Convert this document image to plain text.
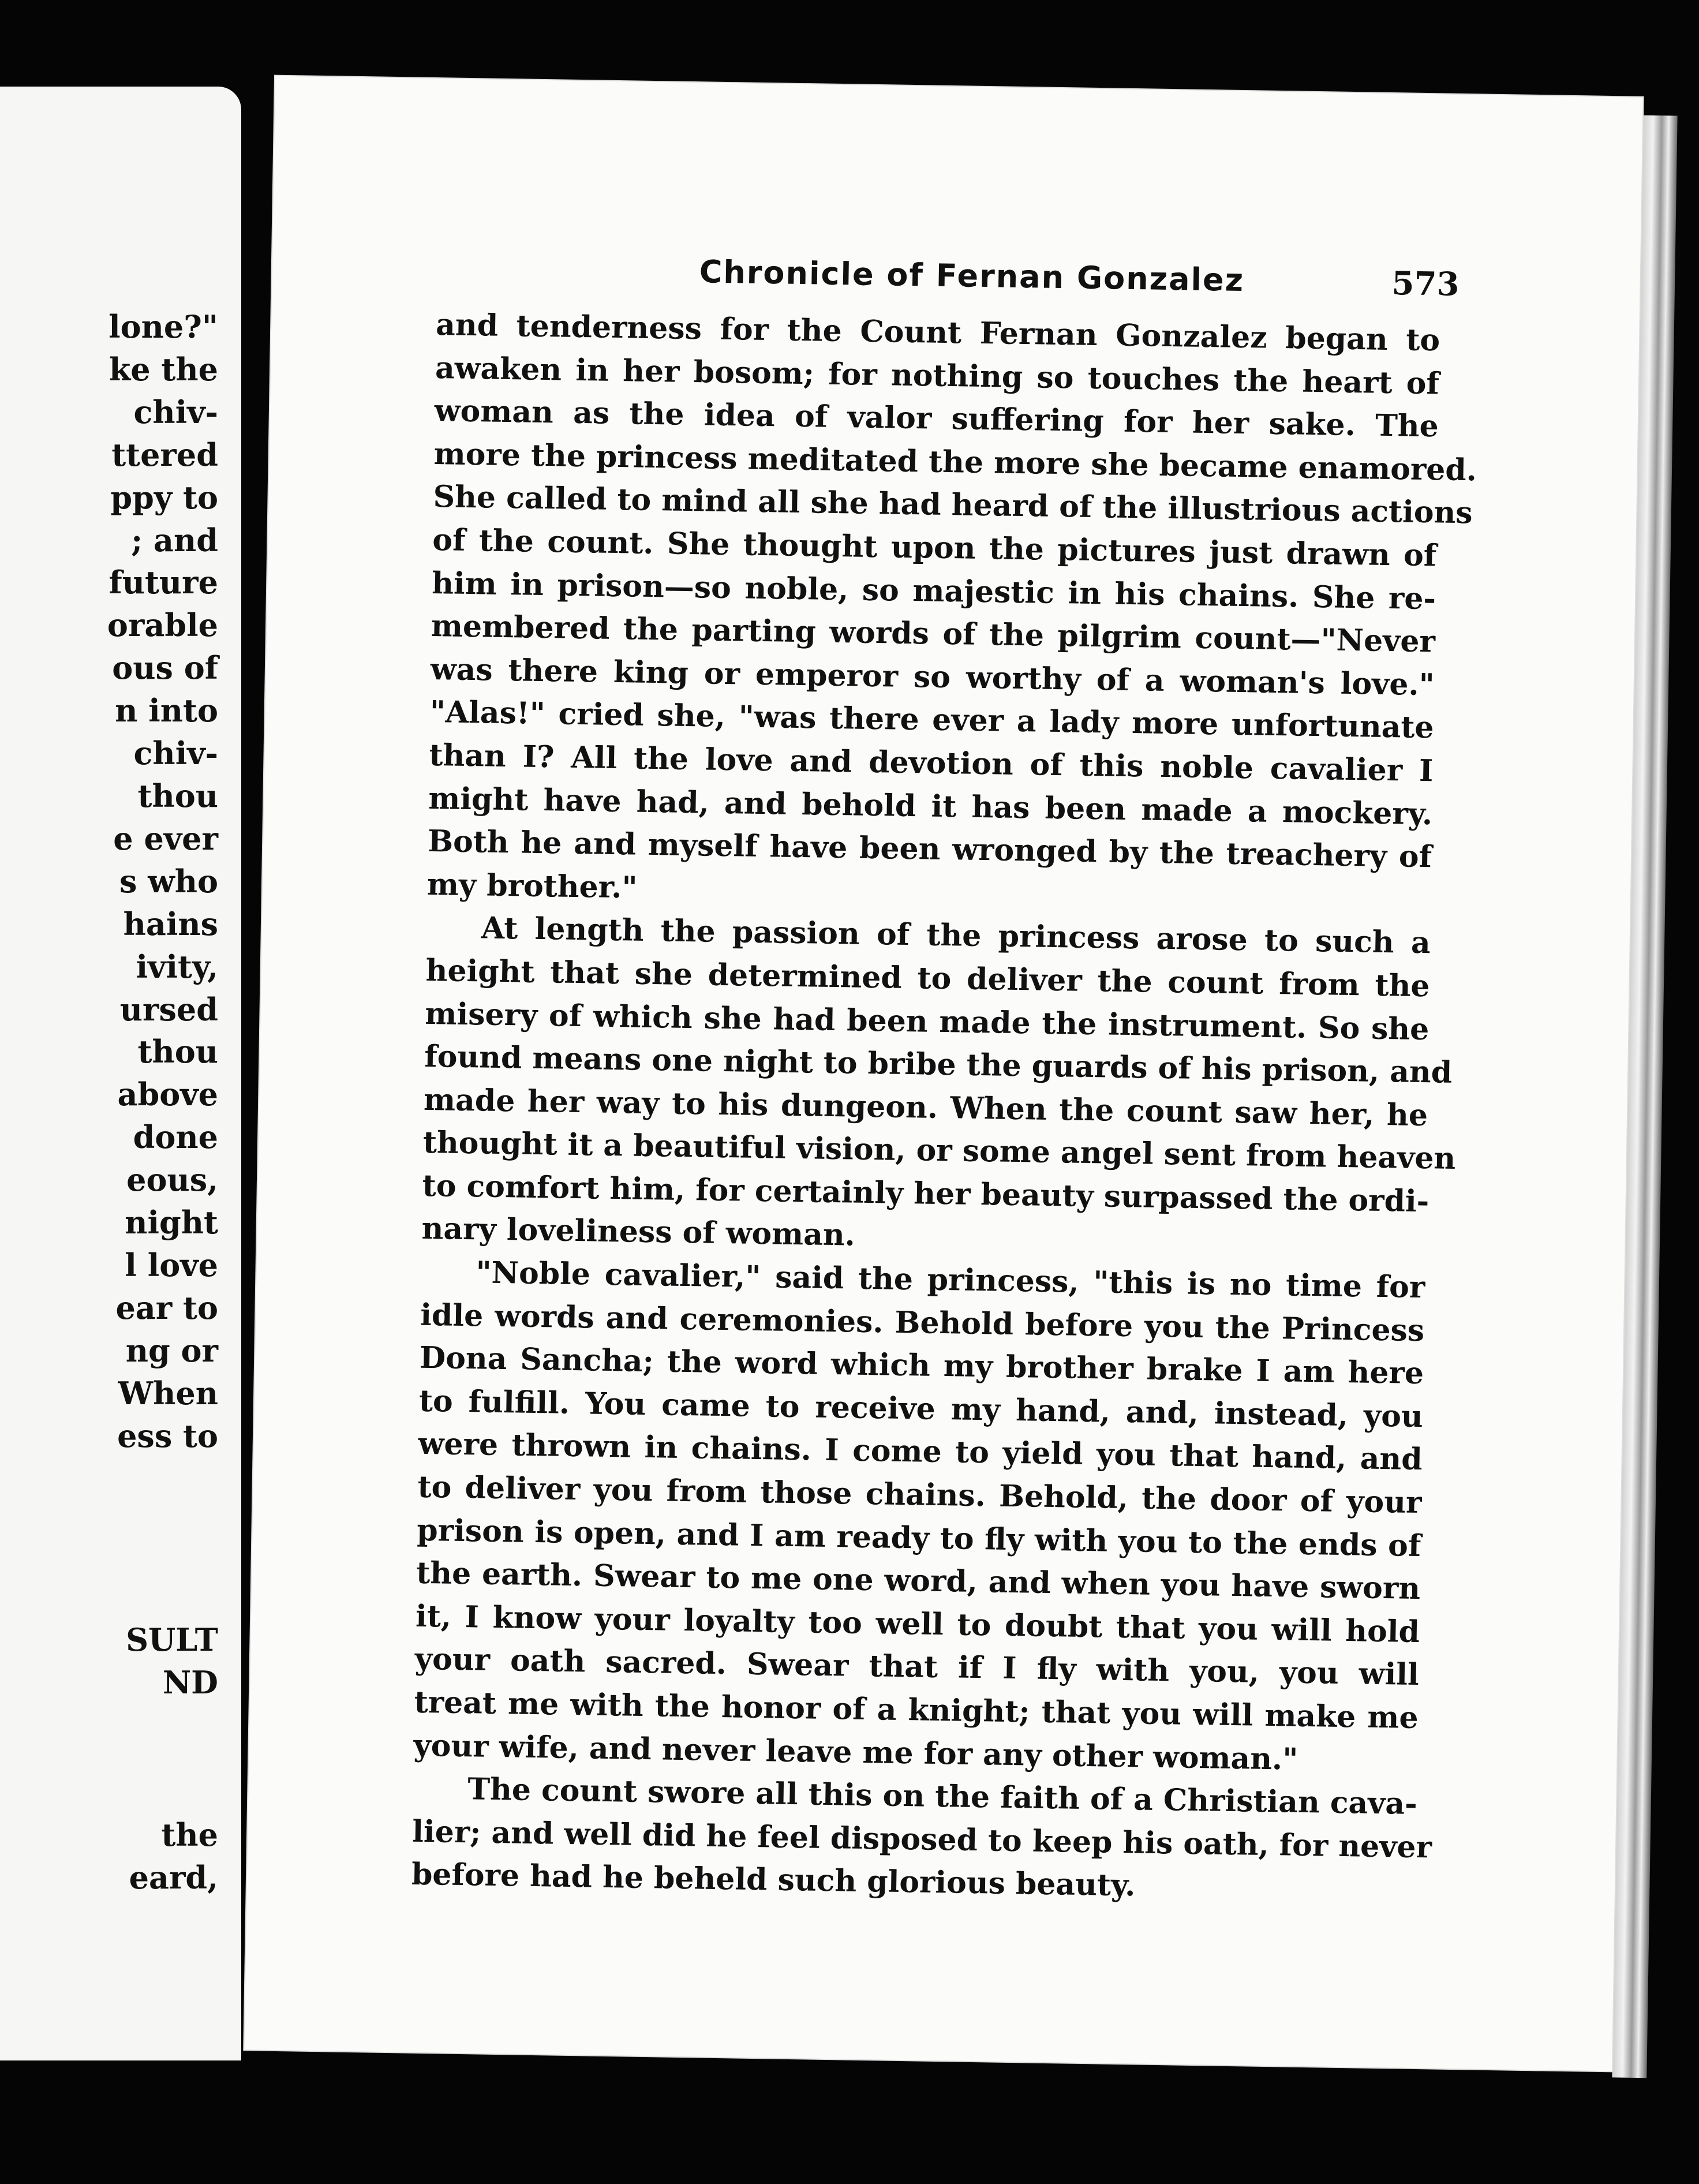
lone?"
ke the
chiv-
ttered
ppy to
; and
future
orable
ous of
n into
chiv-
thou
e ever
s who
hains
ivity,
ursed
thou
above
done
eous,
night
l love
ear to
ng or
When
ess to
SULT
ND
the
eard,
Chronicle of Fernan Gonzalez	573
and tenderness for the Count Fernan Gonzalez began to
awaken in her bosom; for nothing so touches the heart of
woman as the idea of valor suffering for her sake. The
more the princess meditated the more she became enamored.
She called to mind all she had heard of the illustrious actions
of the count. She thought upon the pictures just drawn of
him in prison—so noble, so majestic in his chains. She re-
membered the parting words of the pilgrim count—"Never
was there king or emperor so worthy of a woman's love."
"Alas!" cried she, "was there ever a lady more unfortunate
than I? All the love and devotion of this noble cavalier I
might have had, and behold it has been made a mockery.
Both he and myself have been wronged by the treachery of
my brother."
At length the passion of the princess arose to such a
height that she determined to deliver the count from the
misery of which she had been made the instrument. So she
found means one night to bribe the guards of his prison, and
made her way to his dungeon. When the count saw her, he
thought it a beautiful vision, or some angel sent from heaven
to comfort him, for certainly her beauty surpassed the ordi-
nary loveliness of woman.
"Noble cavalier," said the princess, "this is no time for
idle words and ceremonies. Behold before you the Princess
Dona Sancha; the word which my brother brake I am here
to fulfill. You came to receive my hand, and, instead, you
were thrown in chains. I come to yield you that hand, and
to deliver you from those chains. Behold, the door of your
prison is open, and I am ready to fly with you to the ends of
the earth. Swear to me one word, and when you have sworn
it, I know your loyalty too well to doubt that you will hold
your oath sacred. Swear that if I fly with you, you will
treat me with the honor of a knight; that you will make me
your wife, and never leave me for any other woman."
The count swore all this on the faith of a Christian cava-
lier; and well did he feel disposed to keep his oath, for never
before had he beheld such glorious beauty.
